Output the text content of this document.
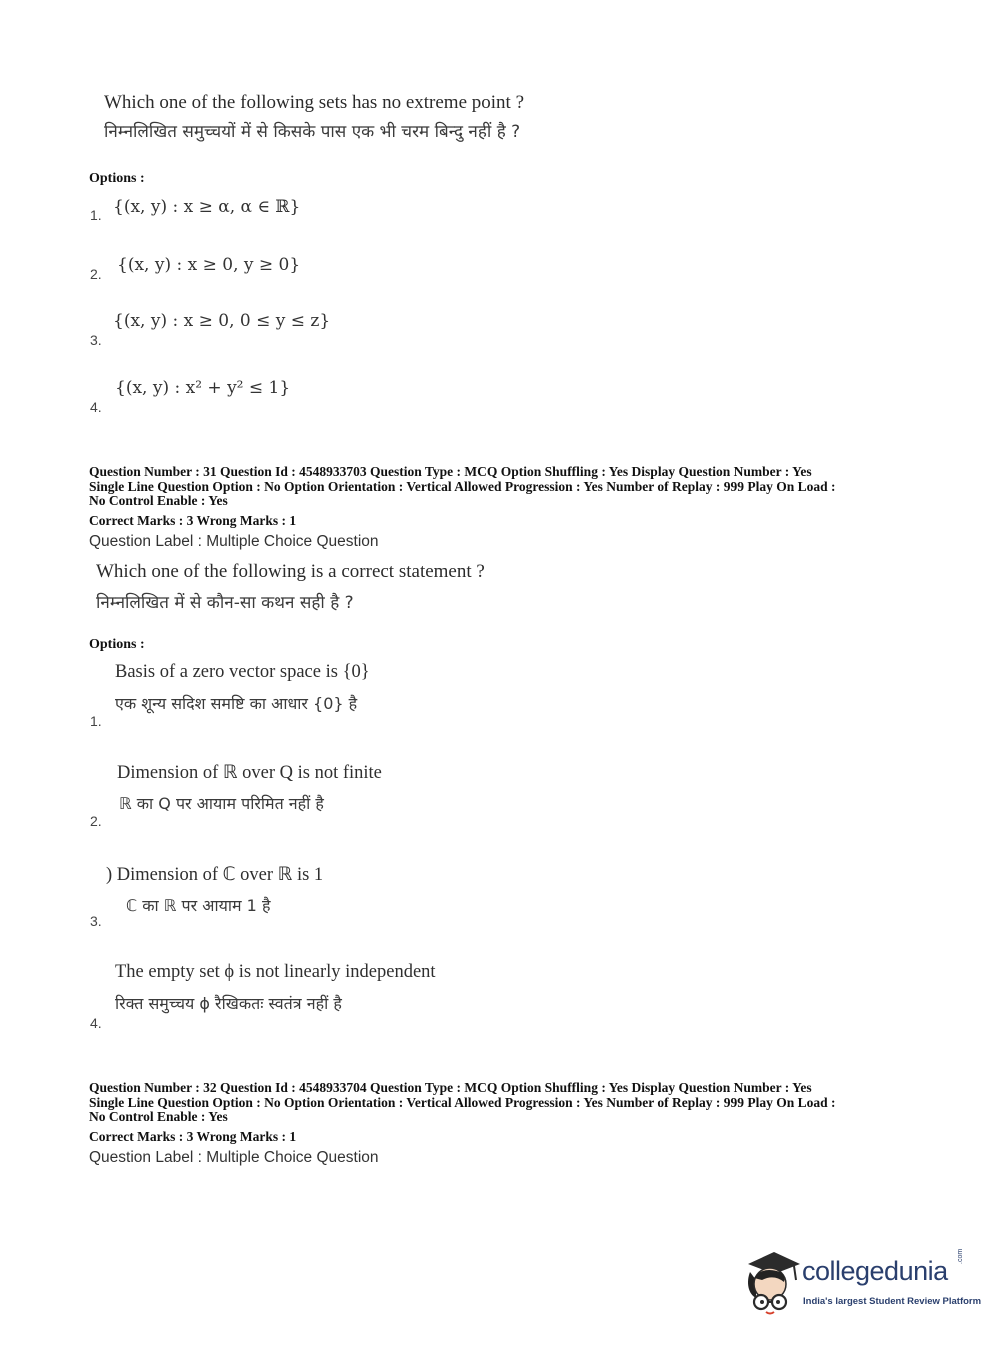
Which one of the following sets has no extreme point ?
निम्नलिखित समुच्चयों में से किसके पास एक भी चरम बिन्दु नहीं है ?
Options :
1. {(x, y) : x ≥ α, α ∈ ℝ}
2. {(x, y) : x ≥ 0, y ≥ 0}
{(x, y) : x ≥ 0, 0 ≤ y ≤ z}
3.
{(x, y) : x² + y² ≤ 1}
4.
Question Number : 31 Question Id : 4548933703 Question Type : MCQ Option Shuffling : Yes Display Question Number : Yes
Single Line Question Option : No Option Orientation : Vertical Allowed Progression : Yes Number of Replay : 999 Play On Load :
No Control Enable : Yes
Correct Marks : 3 Wrong Marks : 1
Question Label : Multiple Choice Question
Which one of the following is a correct statement ?
निम्नलिखित में से कौन-सा कथन सही है ?
Options :
Basis of a zero vector space is {0}
एक शून्य सदिश समष्टि का आधार {0} है
1.
Dimension of ℝ over Q is not finite
ℝ का Q पर आयाम परिमित नहीं है
2.
) Dimension of ℂ over ℝ is 1
ℂ का ℝ पर आयाम 1 है
3.
The empty set ϕ is not linearly independent
रिक्त समुच्चय ϕ रैखिकतः स्वतंत्र नहीं है
4.
Question Number : 32 Question Id : 4548933704 Question Type : MCQ Option Shuffling : Yes Display Question Number : Yes
Single Line Question Option : No Option Orientation : Vertical Allowed Progression : Yes Number of Replay : 999 Play On Load :
No Control Enable : Yes
Correct Marks : 3 Wrong Marks : 1
Question Label : Multiple Choice Question
collegedunia .com
India's largest Student Review Platform
